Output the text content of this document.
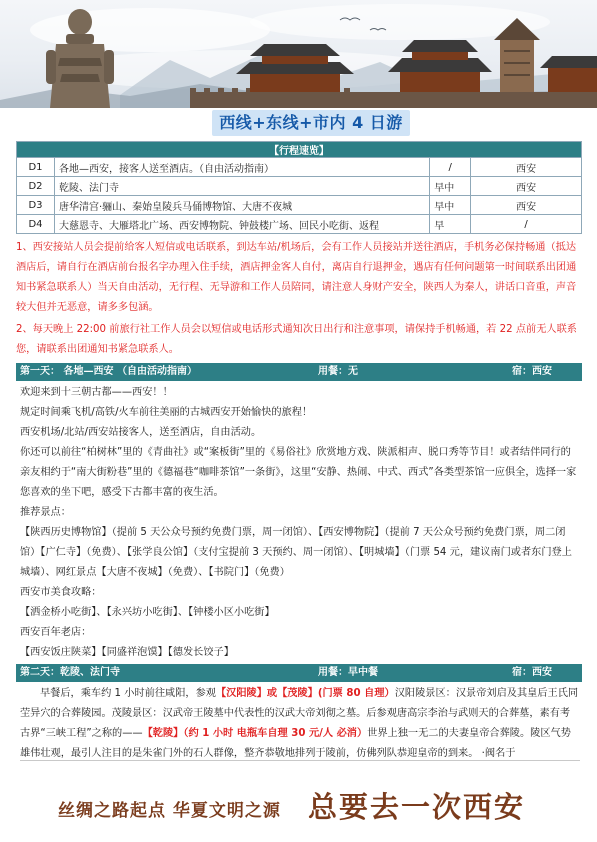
西线+东线+市内 4 日游
【行程速览】			
D1	各地—西安，接客人送至酒店。（自由活动指南）	/	西安
D2	乾陵、法门寺	早中	西安
D3	唐华清宫·骊山、秦始皇陵兵马俑博物馆、大唐不夜城	早中	西安
D4	大慈恩寺、大雁塔北广场、西安博物院、钟鼓楼广场、回民小吃街、返程	早	/
1、西安接站人员会提前给客人短信或电话联系，到达车站/机场后，会有工作人员接站并送往酒店，手机务必保持畅通（抵达酒店后，请自行在酒店前台报名字办理入住手续，酒店押金客人自付，离店自行退押金，遇店有任何问题第一时间联系出团通知书紧急联系人）当天自由活动，无行程、无导游和工作人员陪同，请注意人身财产安全，陕西人为秦人，讲话口音重，声音较大但并无恶意，请多多包涵。
2、每天晚上 22:00 前旅行社工作人员会以短信或电话形式通知次日出行和注意事项，请保持手机畅通，若 22 点前无人联系您，请联系出团通知书紧急联系人。
第一天： 各地—西安 （自由活动指南）	用餐：无	宿：西安
欢迎来到十三朝古都——西安！！
规定时间乘飞机/高铁/火车前往美丽的古城西安开始愉快的旅程！
西安机场/北站/西安站接客人，送至酒店，自由活动。
你还可以前往“柏树林”里的《青曲社》或“案板街”里的《易俗社》欣赏地方戏、陕派相声、脱口秀等节目！或者结伴同行的亲友相约于“南大街粉巷”里的《德福巷“咖啡茶馆”一条街》，这里“安静、热闹、中式、西式”各类型茶馆一应俱全，选择一家您喜欢的坐下吧，感受下古都丰富的夜生活。
推荐景点：
【陕西历史博物馆】（提前 5 天公众号预约免费门票，周一闭馆）、【西安博物院】（提前 7 天公众号预约免费门票，周二闭馆）【广仁寺】（免费）、【张学良公馆】（支付宝提前 3 天预约、周一闭馆）、【明城墙】（门票 54 元，建议南门或者东门登上城墙）、网红景点【大唐不夜城】（免费）、【书院门】（免费）
西安市美食攻略：
【洒金桥小吃街】、【永兴坊小吃街】、【钟楼小区小吃街】
西安百年老店：
【西安饭庄陕菜】【同盛祥泡馍】【德发长饺子】
第二天：乾陵、法门寺	用餐：早中餐	宿：西安
早餐后，乘车约 1 小时前往咸阳，参观【汉阳陵】或【茂陵】(门票 80 自理）汉阳陵景区：汉景帝刘启及其皇后王氏同茔异穴的合葬陵园。茂陵景区：汉武帝王陵墓中代表性的汉武大帝刘彻之墓。后参观唐高宗李治与武则天的合葬墓，素有考古界“三峡工程”之称的——【乾陵】（约 1 小时 电瓶车自理 30 元/人 必消）世界上独一无二的夫妻皇帝合葬陵。陵区气势雄伟壮观，最引人注目的是朱雀门外的石人群像，整齐恭敬地排列于陵前，仿佛列队恭迎皇帝的到来。 ·阀名于
丝绸之路起点 华夏文明之源 总要去一次西安
